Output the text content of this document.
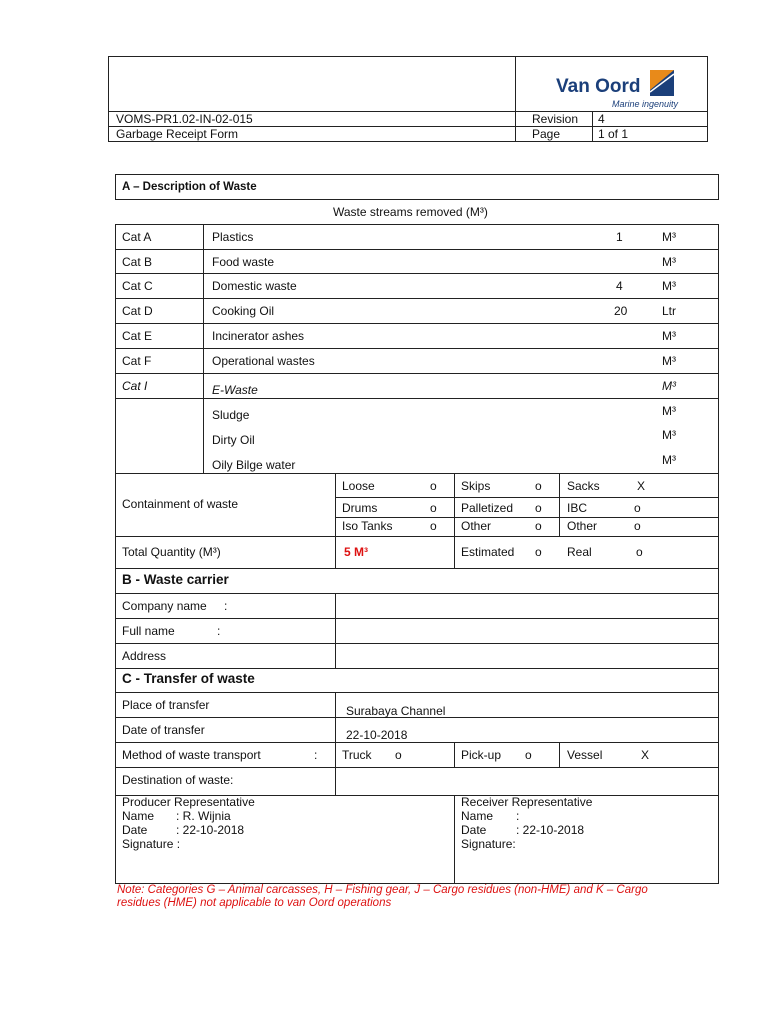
VOMS-PR1.02-IN-02-015
Garbage Receipt Form
Revision 4
Page	1 of 1
Van Oord
Marine ingenuity
A – Description of Waste
Waste streams removed (M³)
Cat A	Plastics	1	M³
Cat B	Food waste	M³
Cat C	Domestic waste	4	M³
Cat D	Cooking Oil	20	Ltr
Cat E	Incinerator ashes	M³
Cat F	Operational wastes	M³
Cat I	E-Waste	M³
Sludge	M³
Dirty Oil	M³
Oily Bilge water	M³
Containment of waste
Loose	o Skips	o Sacks	X
Drums	o Palletized o IBC	o
Iso Tanks	o Other	o Other	o
Total Quantity (M³)	5 M³	Estimated o Real	o
B - Waste carrier
Company name :
Full name	:
Address
C - Transfer of waste
Place of transfer	Surabaya Channel
Date of transfer	22-10-2018
Method of waste transport	: Truck o	Pick-up o	Vessel	X
Destination of waste:
Producer Representative
Name : R. Wijnia
Date : 22-10-2018
Signature :
Receiver Representative
Name :
Date : 22-10-2018
Signature:
Note: Categories G – Animal carcasses, H – Fishing gear, J – Cargo residues (non-HME) and K – Cargo residues (HME) not applicable to van Oord operations
